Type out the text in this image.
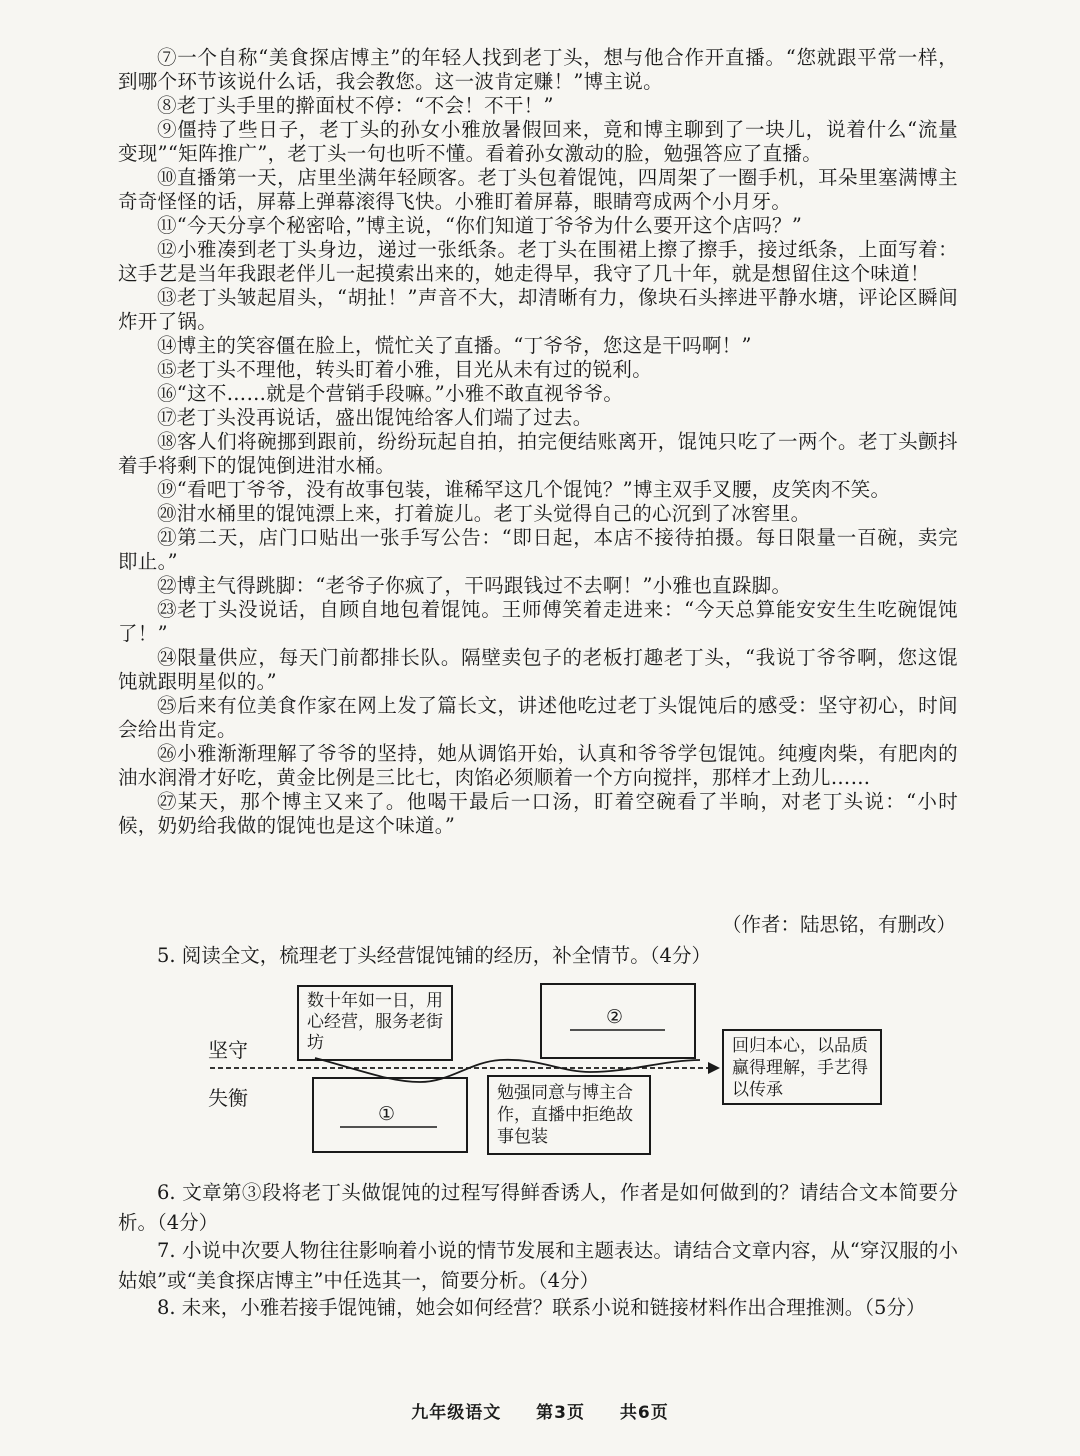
⑦一个自称“美食探店博主”的年轻人找到老丁头，想与他合作开直播。“您就跟平常一样，到哪个环节该说什么话，我会教您。这一波肯定赚！”博主说。

⑧老丁头手里的擀面杖不停：“不会！不干！”

⑨僵持了些日子，老丁头的孙女小雅放暑假回来，竟和博主聊到了一块儿，说着什么“流量变现”“矩阵推广”，老丁头一句也听不懂。看着孙女激动的脸，勉强答应了直播。

⑩直播第一天，店里坐满年轻顾客。老丁头包着馄饨，四周架了一圈手机，耳朵里塞满博主奇奇怪怪的话，屏幕上弹幕滚得飞快。小雅盯着屏幕，眼睛弯成两个小月牙。

⑪“今天分享个秘密哈，”博主说，“你们知道丁爷爷为什么要开这个店吗？”

⑫小雅凑到老丁头身边，递过一张纸条。老丁头在围裙上擦了擦手，接过纸条，上面写着：这手艺是当年我跟老伴儿一起摸索出来的，她走得早，我守了几十年，就是想留住这个味道！

⑬老丁头皱起眉头，“胡扯！”声音不大，却清晰有力，像块石头摔进平静水塘，评论区瞬间炸开了锅。

⑭博主的笑容僵在脸上，慌忙关了直播。“丁爷爷，您这是干吗啊！”

⑮老丁头不理他，转头盯着小雅，目光从未有过的锐利。

⑯“这不……就是个营销手段嘛。”小雅不敢直视爷爷。

⑰老丁头没再说话，盛出馄饨给客人们端了过去。

⑱客人们将碗挪到跟前，纷纷玩起自拍，拍完便结账离开，馄饨只吃了一两个。老丁头颤抖着手将剩下的馄饨倒进泔水桶。

⑲“看吧丁爷爷，没有故事包装，谁稀罕这几个馄饨？”博主双手叉腰，皮笑肉不笑。

⑳泔水桶里的馄饨漂上来，打着旋儿。老丁头觉得自己的心沉到了冰窖里。

㉑第二天，店门口贴出一张手写公告：“即日起，本店不接待拍摄。每日限量一百碗，卖完即止。”

㉒博主气得跳脚：“老爷子你疯了，干吗跟钱过不去啊！”小雅也直跺脚。

㉓老丁头没说话，自顾自地包着馄饨。王师傅笑着走进来：“今天总算能安安生生吃碗馄饨了！”

㉔限量供应，每天门前都排长队。隔壁卖包子的老板打趣老丁头，“我说丁爷爷啊，您这馄饨就跟明星似的。”

㉕后来有位美食作家在网上发了篇长文，讲述他吃过老丁头馄饨后的感受：坚守初心，时间会给出肯定。

㉖小雅渐渐理解了爷爷的坚持，她从调馅开始，认真和爷爷学包馄饨。纯瘦肉柴，有肥肉的油水润滑才好吃，黄金比例是三比七，肉馅必须顺着一个方向搅拌，那样才上劲儿……

㉗某天，那个博主又来了。他喝干最后一口汤，盯着空碗看了半晌，对老丁头说：“小时候，奶奶给我做的馄饨也是这个味道。”

（作者：陆思铭，有删改）

5. 阅读全文，梳理老丁头经营馄饨铺的经历，补全情节。（4分）

坚守
失衡
数十年如一日，用心经营，服务老街坊
②
①
勉强同意与博主合作，直播中拒绝故事包装
回归本心，以品质赢得理解，手艺得以传承

6. 文章第③段将老丁头做馄饨的过程写得鲜香诱人，作者是如何做到的？请结合文本简要分析。（4分）

7. 小说中次要人物往往影响着小说的情节发展和主题表达。请结合文章内容，从“穿汉服的小姑娘”或“美食探店博主”中任选其一，简要分析。（4分）

8. 未来，小雅若接手馄饨铺，她会如何经营？联系小说和链接材料作出合理推测。（5分）

九年级语文 第3页 共6页
